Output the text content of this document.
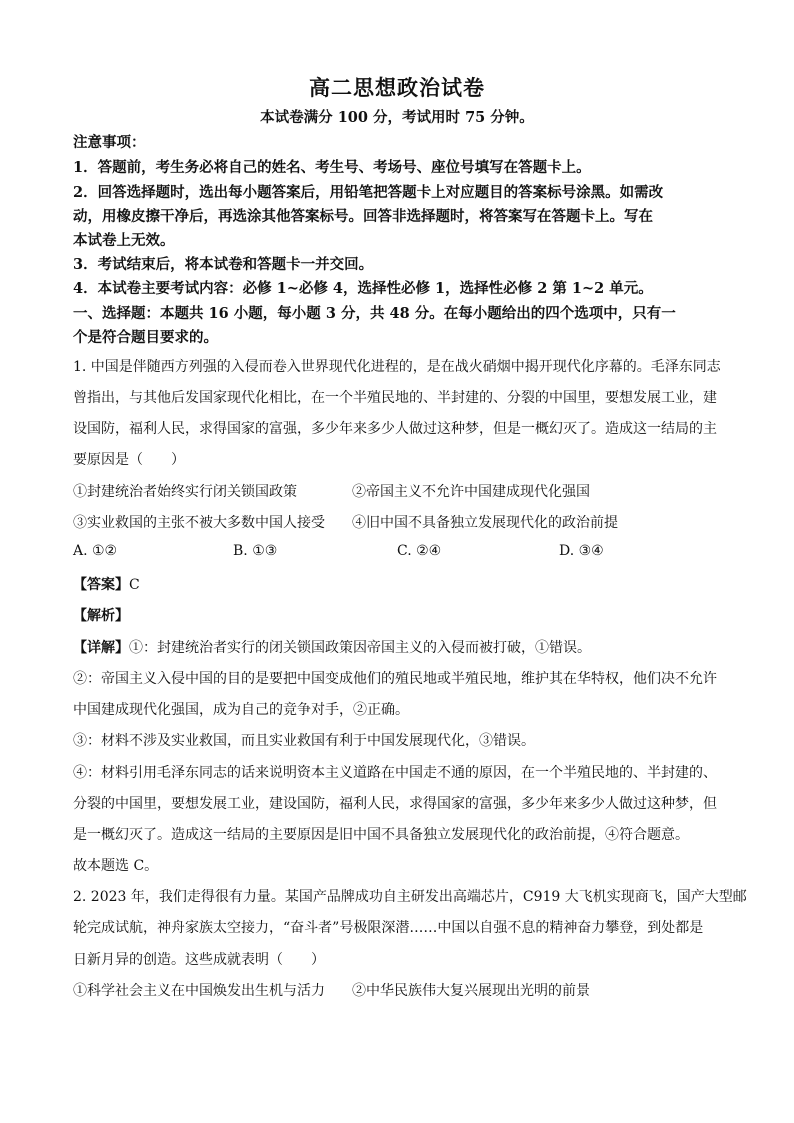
高二思想政治试卷
本试卷满分 100 分，考试用时 75 分钟。
注意事项：
1．答题前，考生务必将自己的姓名、考生号、考场号、座位号填写在答题卡上。
2．回答选择题时，选出每小题答案后，用铅笔把答题卡上对应题目的答案标号涂黑。如需改
动，用橡皮擦干净后，再选涂其他答案标号。回答非选择题时，将答案写在答题卡上。写在
本试卷上无效。
3．考试结束后，将本试卷和答题卡一并交回。
4．本试卷主要考试内容：必修 1~必修 4，选择性必修 1，选择性必修 2 第 1~2 单元。
一、选择题：本题共 16 小题，每小题 3 分，共 48 分。在每小题给出的四个选项中，只有一
个是符合题目要求的。
1. 中国是伴随西方列强的入侵而卷入世界现代化进程的，是在战火硝烟中揭开现代化序幕的。毛泽东同志
曾指出，与其他后发国家现代化相比，在一个半殖民地的、半封建的、分裂的中国里，要想发展工业，建
设国防，福利人民，求得国家的富强，多少年来多少人做过这种梦，但是一概幻灭了。造成这一结局的主
要原因是（　　）
①封建统治者始终实行闭关锁国政策	②帝国主义不允许中国建成现代化强国
③实业救国的主张不被大多数中国人接受 ④旧中国不具备独立发展现代化的政治前提
A. ①②	B. ①③	C. ②④	D. ③④
【答案】C
【解析】
【详解】①：封建统治者实行的闭关锁国政策因帝国主义的入侵而被打破，①错误。
②：帝国主义入侵中国的目的是要把中国变成他们的殖民地或半殖民地，维护其在华特权，他们决不允许
中国建成现代化强国，成为自己的竞争对手，②正确。
③：材料不涉及实业救国，而且实业救国有利于中国发展现代化，③错误。
④：材料引用毛泽东同志的话来说明资本主义道路在中国走不通的原因，在一个半殖民地的、半封建的、
分裂的中国里，要想发展工业，建设国防，福利人民，求得国家的富强，多少年来多少人做过这种梦，但
是一概幻灭了。造成这一结局的主要原因是旧中国不具备独立发展现代化的政治前提，④符合题意。
故本题选 C。
2. 2023 年，我们走得很有力量。某国产品牌成功自主研发出高端芯片，C919 大飞机实现商飞，国产大型邮
轮完成试航，神舟家族太空接力，“奋斗者”号极限深潜……中国以自强不息的精神奋力攀登，到处都是
日新月异的创造。这些成就表明（　　）
①科学社会主义在中国焕发出生机与活力 ②中华民族伟大复兴展现出光明的前景
